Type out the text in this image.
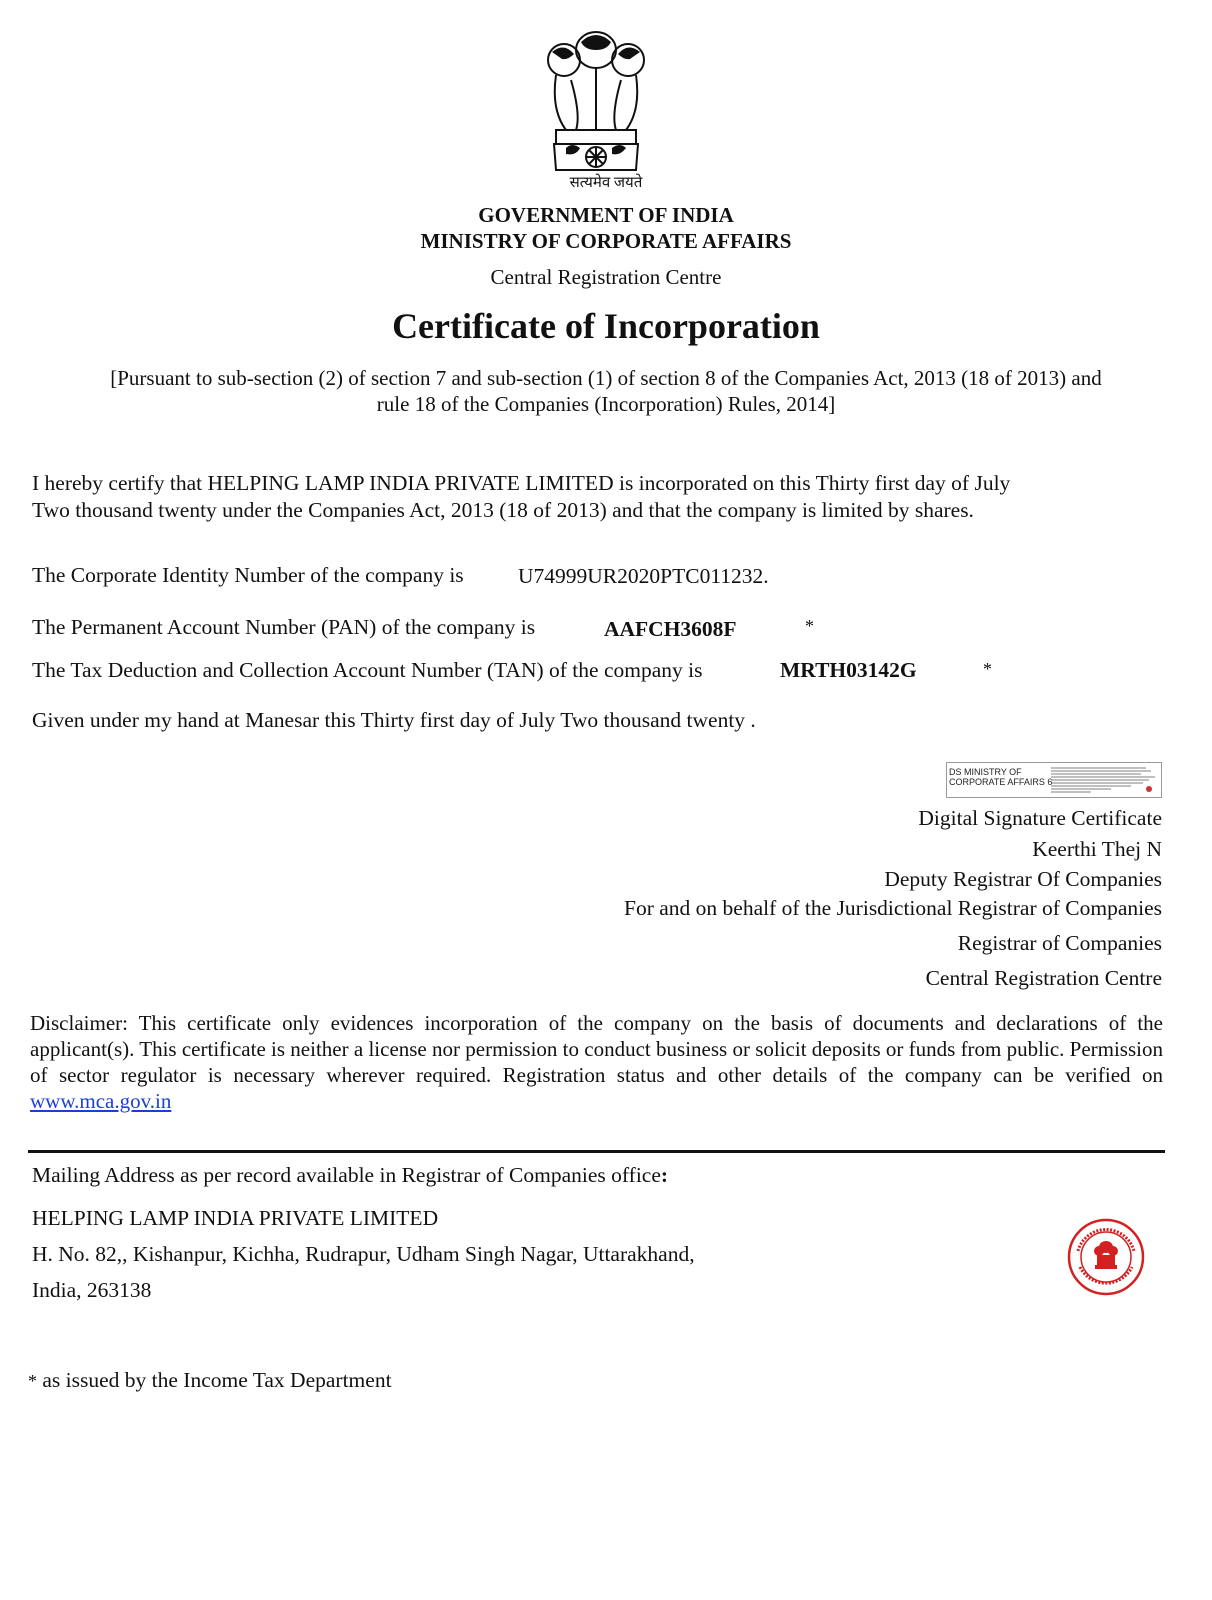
सत्यमेव जयते
GOVERNMENT OF INDIA
MINISTRY OF CORPORATE AFFAIRS
Central Registration Centre
Certificate of Incorporation
[Pursuant to sub-section (2) of section 7 and sub-section (1) of section 8 of the Companies Act, 2013 (18 of 2013) and
rule 18 of the Companies (Incorporation) Rules, 2014]
I hereby certify that HELPING LAMP INDIA PRIVATE LIMITED is incorporated on this Thirty first day of July
Two thousand twenty under the Companies Act, 2013 (18 of 2013) and that the company is limited by shares.
The Corporate Identity Number of the company is	U74999UR2020PTC011232.
The Permanent Account Number (PAN) of the company is	AAFCH3608F	*
The Tax Deduction and Collection Account Number (TAN) of the company is	MRTH03142G	*
Given under my hand at Manesar this Thirty first day of July Two thousand twenty .
DS MINISTRY OF
CORPORATE AFFAIRS 6
Digital Signature Certificate
Keerthi Thej N
Deputy Registrar Of Companies
For and on behalf of the Jurisdictional Registrar of Companies
Registrar of Companies
Central Registration Centre
Disclaimer: This certificate only evidences incorporation of the company on the basis of documents and declarations of the applicant(s). This certificate is neither a license nor permission to conduct business or solicit deposits or funds from public. Permission of sector regulator is necessary wherever required. Registration status and other details of the company can be verified on www.mca.gov.in
Mailing Address as per record available in Registrar of Companies office:
HELPING LAMP INDIA PRIVATE LIMITED
H. No. 82,, Kishanpur, Kichha, Rudrapur, Udham Singh Nagar, Uttarakhand,
India, 263138
* as issued by the Income Tax Department
